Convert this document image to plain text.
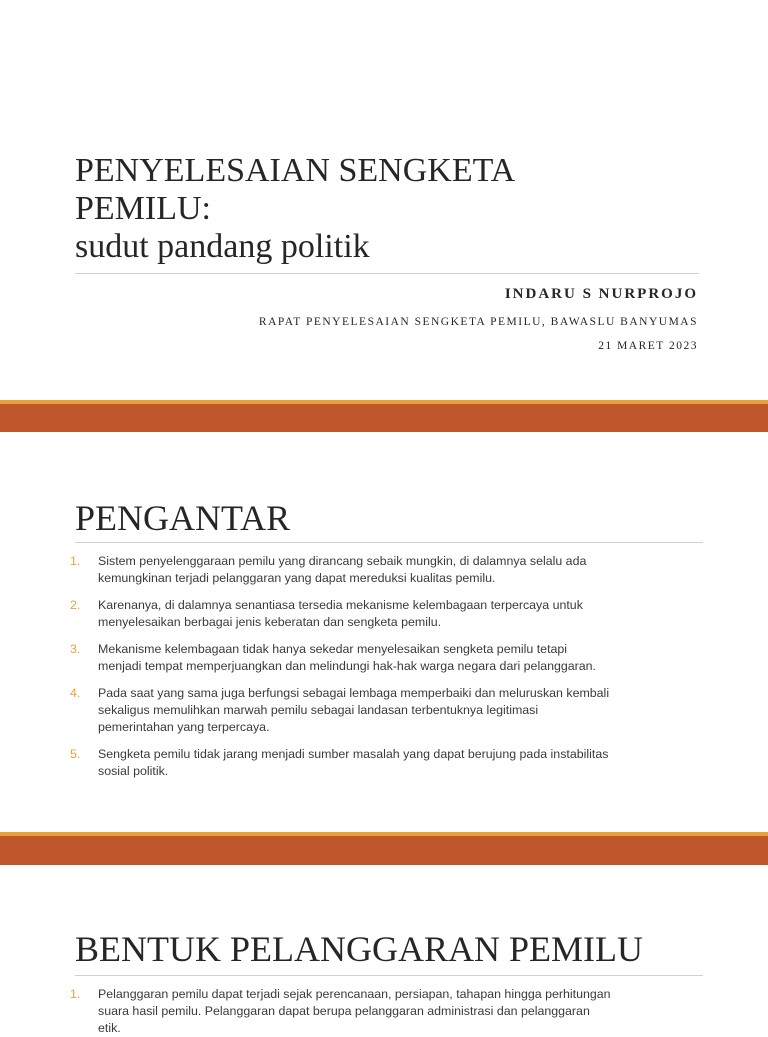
PENYELESAIAN SENGKETA
PEMILU:
sudut pandang politik
INDARU S NURPROJO
RAPAT PENYELESAIAN SENGKETA PEMILU, BAWASLU BANYUMAS
21 MARET 2023
PENGANTAR
1. Sistem penyelenggaraan pemilu yang dirancang sebaik mungkin, di dalamnya selalu ada
kemungkinan terjadi pelanggaran yang dapat mereduksi kualitas pemilu.
2. Karenanya, di dalamnya senantiasa tersedia mekanisme kelembagaan terpercaya untuk
menyelesaikan berbagai jenis keberatan dan sengketa pemilu.
3. Mekanisme kelembagaan tidak hanya sekedar menyelesaikan sengketa pemilu tetapi
menjadi tempat memperjuangkan dan melindungi hak-hak warga negara dari pelanggaran.
4. Pada saat yang sama juga berfungsi sebagai lembaga memperbaiki dan meluruskan kembali
sekaligus memulihkan marwah pemilu sebagai landasan terbentuknya legitimasi
pemerintahan yang terpercaya.
5. Sengketa pemilu tidak jarang menjadi sumber masalah yang dapat berujung pada instabilitas
sosial politik.
BENTUK PELANGGARAN PEMILU
1. Pelanggaran pemilu dapat terjadi sejak perencanaan, persiapan, tahapan hingga perhitungan
suara hasil pemilu. Pelanggaran dapat berupa pelanggaran administrasi dan pelanggaran
etik.
